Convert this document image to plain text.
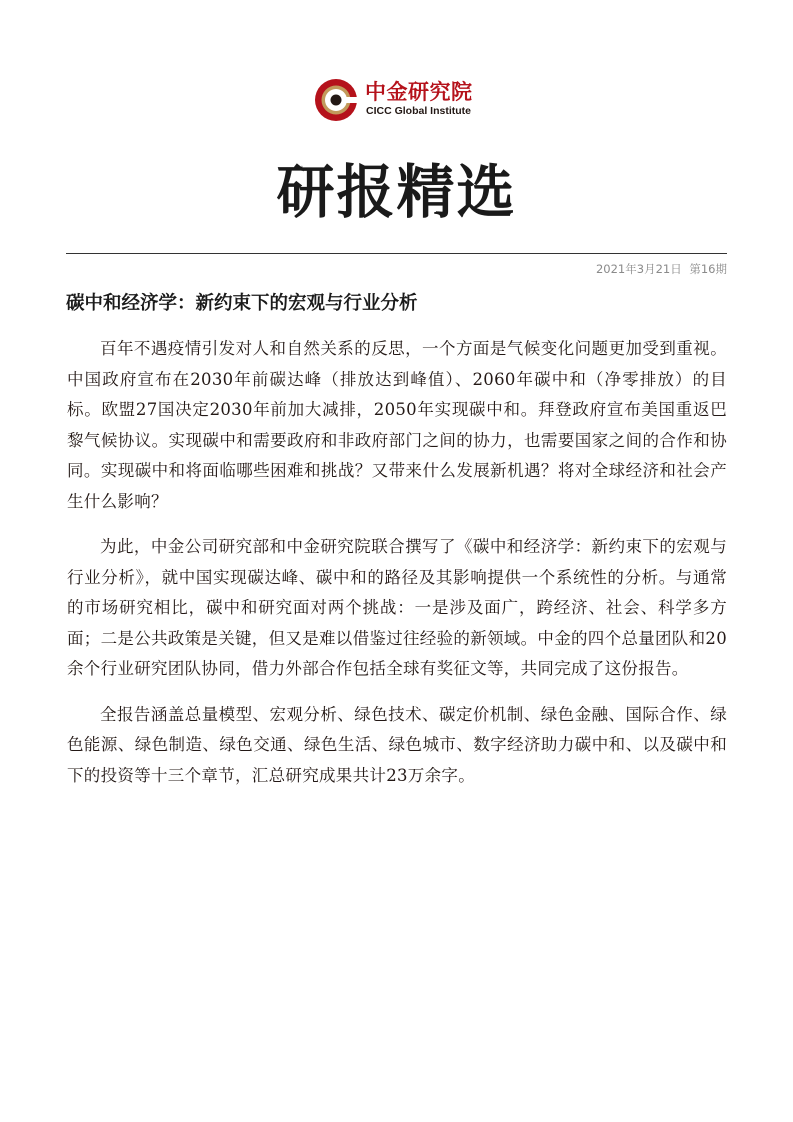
中金研究院
CICC Global Institute
研报精选
2021年3月21日 第16期
碳中和经济学：新约束下的宏观与行业分析

百年不遇疫情引发对人和自然关系的反思，一个方面是气候变化问题更加受到重视。中国政府宣布在2030年前碳达峰（排放达到峰值）、2060年碳中和（净零排放）的目标。欧盟27国决定2030年前加大减排，2050年实现碳中和。拜登政府宣布美国重返巴黎气候协议。实现碳中和需要政府和非政府部门之间的协力，也需要国家之间的合作和协同。实现碳中和将面临哪些困难和挑战？又带来什么发展新机遇？将对全球经济和社会产生什么影响？

为此，中金公司研究部和中金研究院联合撰写了《碳中和经济学：新约束下的宏观与行业分析》，就中国实现碳达峰、碳中和的路径及其影响提供一个系统性的分析。与通常的市场研究相比，碳中和研究面对两个挑战：一是涉及面广，跨经济、社会、科学多方面；二是公共政策是关键，但又是难以借鉴过往经验的新领域。中金的四个总量团队和20余个行业研究团队协同，借力外部合作包括全球有奖征文等，共同完成了这份报告。

全报告涵盖总量模型、宏观分析、绿色技术、碳定价机制、绿色金融、国际合作、绿色能源、绿色制造、绿色交通、绿色生活、绿色城市、数字经济助力碳中和、以及碳中和下的投资等十三个章节，汇总研究成果共计23万余字。
